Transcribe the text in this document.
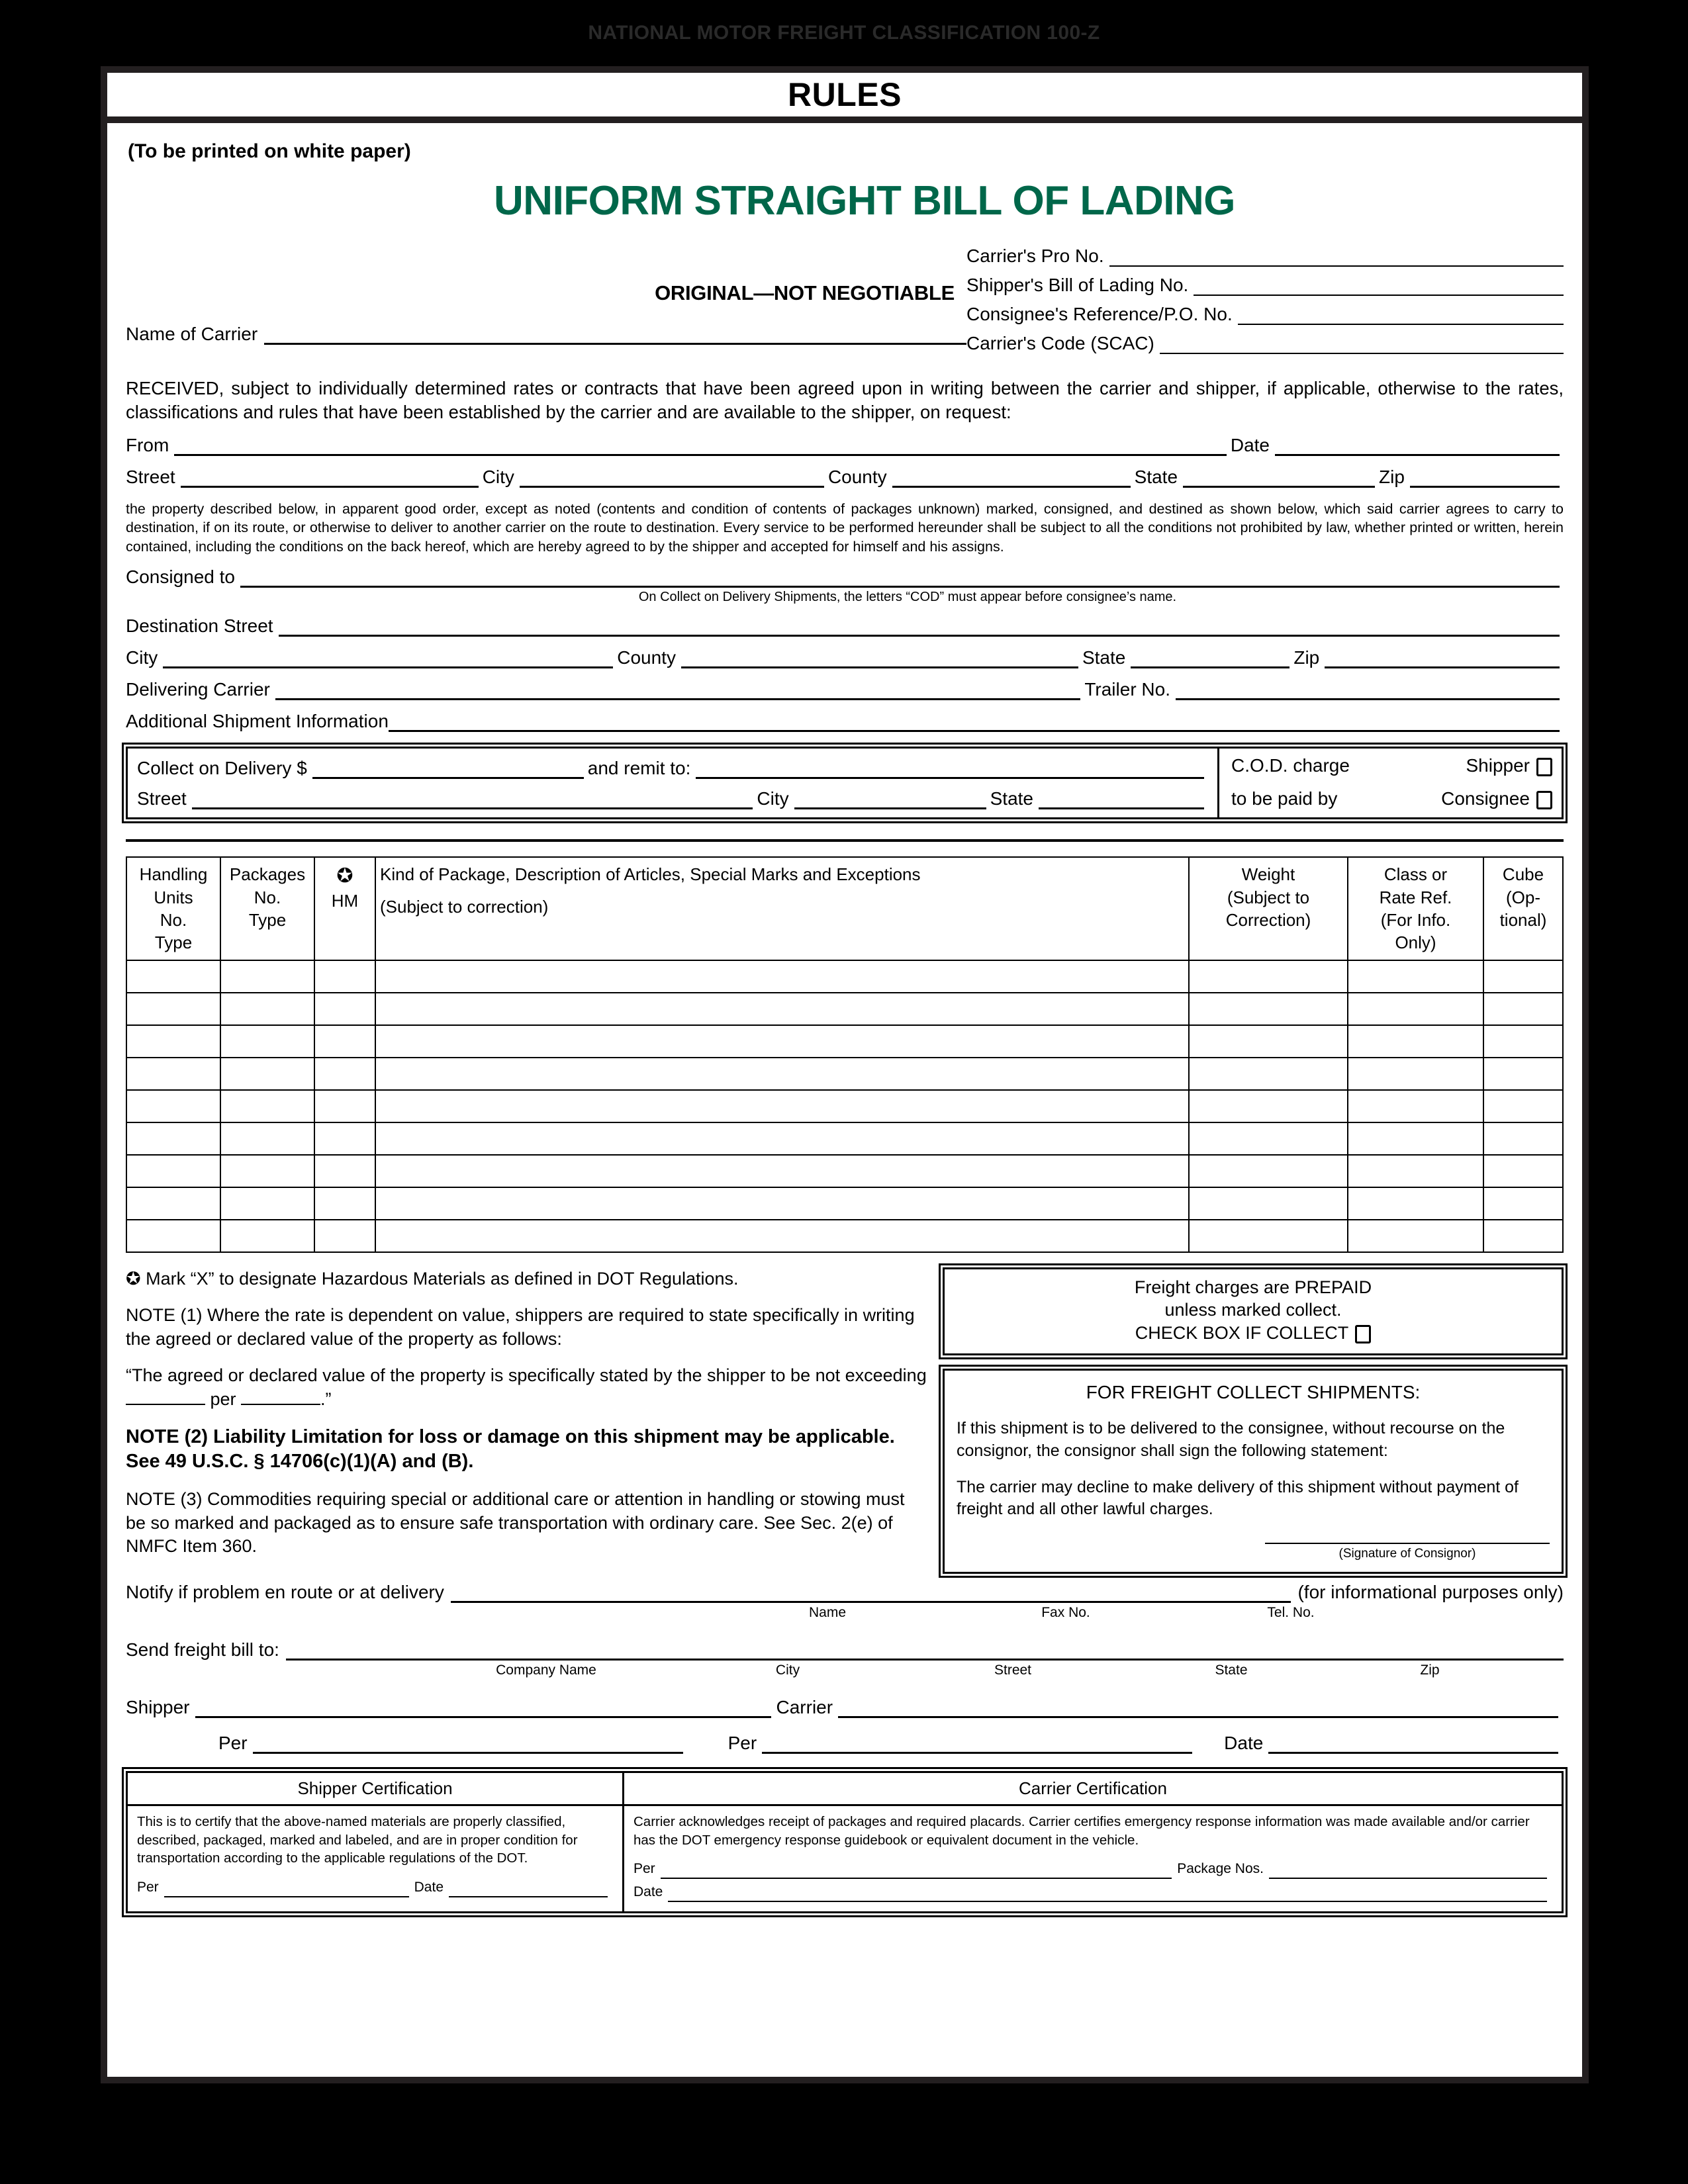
NATIONAL MOTOR FREIGHT CLASSIFICATION 100-Z
RULES
(To be printed on white paper)
UNIFORM STRAIGHT BILL OF LADING
ORIGINAL—NOT NEGOTIABLE
Name of Carrier
Carrier's Pro No.
Shipper's Bill of Lading No.
Consignee's Reference/P.O. No.
Carrier's Code (SCAC)
RECEIVED, subject to individually determined rates or contracts that have been agreed upon in writing between the carrier and shipper, if applicable, otherwise to the rates, classifications and rules that have been established by the carrier and are available to the shipper, on request:
From	Date
Street	City	County	State	Zip
the property described below, in apparent good order, except as noted (contents and condition of contents of packages unknown) marked, consigned, and destined as shown below, which said carrier agrees to carry to destination, if on its route, or otherwise to deliver to another carrier on the route to destination. Every service to be performed hereunder shall be subject to all the conditions not prohibited by law, whether printed or written, herein contained, including the conditions on the back hereof, which are hereby agreed to by the shipper and accepted for himself and his assigns.
Consigned to
On Collect on Delivery Shipments, the letters “COD” must appear before consignee’s name.
Destination Street
City	County	State	Zip
Delivering Carrier	Trailer No.
Additional Shipment Information
Collect on Delivery $	and remit to:
Street	City	State
C.O.D. charge	Shipper
to be paid by	Consignee
Handling
Units
No.
Type

Packages
No.
Type

✪
HM

Kind of Package, Description of Articles, Special Marks and Exceptions
(Subject to correction)

Weight
(Subject to
Correction)

Class or
Rate Ref.
(For Info.
Only)

Cube
(Op-
tional)

✪ Mark “X” to designate Hazardous Materials as defined in DOT Regulations.

NOTE (1) Where the rate is dependent on value, shippers are required to state specifically in writing the agreed or declared value of the property as follows:

“The agreed or declared value of the property is specifically stated by the shipper to be not exceeding  per	.”

NOTE (2) Liability Limitation for loss or damage on this shipment may be applicable. See 49 U.S.C. § 14706(c)(1)(A) and (B).

NOTE (3) Commodities requiring special or additional care or attention in handling or stowing must be so marked and packaged as to ensure safe transportation with ordinary care. See Sec. 2(e) of NMFC Item 360.

Freight charges are PREPAID
unless marked collect.
CHECK BOX IF COLLECT
FOR FREIGHT COLLECT SHIPMENTS:

If this shipment is to be delivered to the consignee, without recourse on the consignor, the consignor shall sign the following statement:

The carrier may decline to make delivery of this shipment without payment of freight and all other lawful charges.

(Signature of Consignor)
Notify if problem en route or at delivery	(for informational purposes only)
Name	Fax No.	Tel. No.
Send freight bill to:
Company Name	City	Street	State	Zip
Shipper	Carrier
Per	Per	Date
Shipper Certification
This is to certify that the above-named materials are properly classified, described, packaged, marked and labeled, and are in proper condition for transportation according to the applicable regulations of the DOT.
Per	Date
Carrier Certification
Carrier acknowledges receipt of packages and required placards. Carrier certifies emergency response information was made available and/or carrier has the DOT emergency response guidebook or equivalent document in the vehicle.
Per	Package Nos.
Date
